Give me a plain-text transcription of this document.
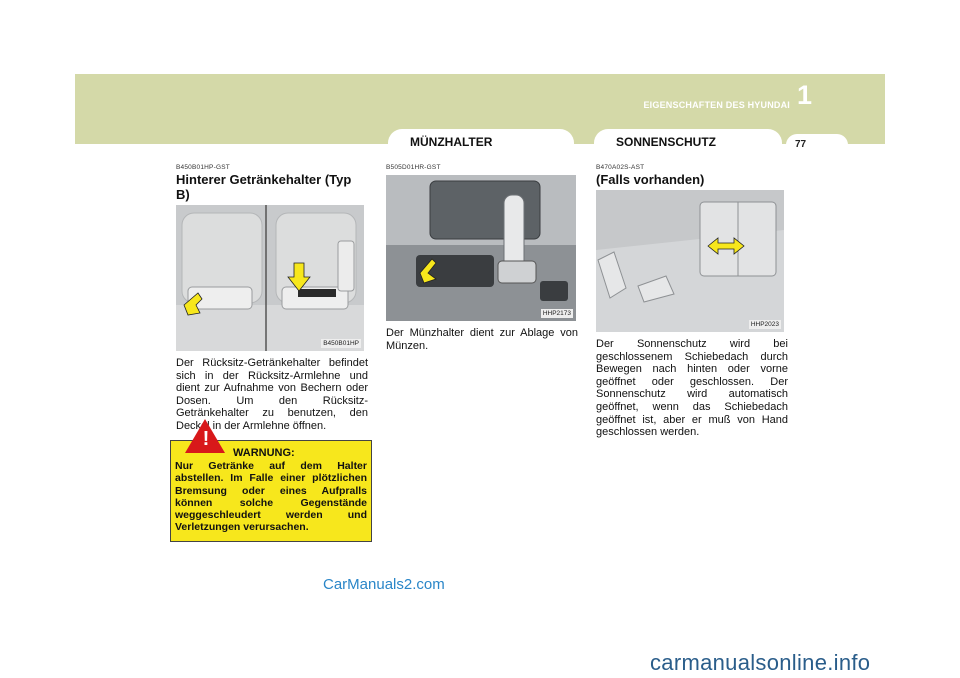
EIGENSCHAFTEN DES HYUNDAI 1
77
MÜNZHALTER	SONNENSCHUTZ
B450B01HP-GST
Hinterer Getränkehalter (Typ B)
B450B01HP
Der Rücksitz-Getränkehalter befindet sich in der Rücksitz-Armlehne und dient zur Aufnahme von Bechern oder Dosen. Um den Rücksitz-Getränkehalter zu benutzen, den Deckel in der Armlehne öffnen.
!
WARNUNG:
Nur Getränke auf dem Halter abstellen. Im Falle einer plötzlichen Bremsung oder eines Aufpralls können solche Gegenstände weggeschleudert werden und Verletzungen verursachen.
B505D01HR-GST
HHP2173
Der Münzhalter dient zur Ablage von Münzen.
B470A02S-AST
(Falls vorhanden)
HHP2023
Der Sonnenschutz wird bei geschlossenem Schiebedach durch Bewegen nach hinten oder vorne geöffnet oder geschlossen. Der Sonnenschutz wird automatisch geöffnet, wenn das Schiebedach geöffnet ist, aber er muß von Hand geschlossen werden.
CarManuals2.com
carmanualsonline.info
